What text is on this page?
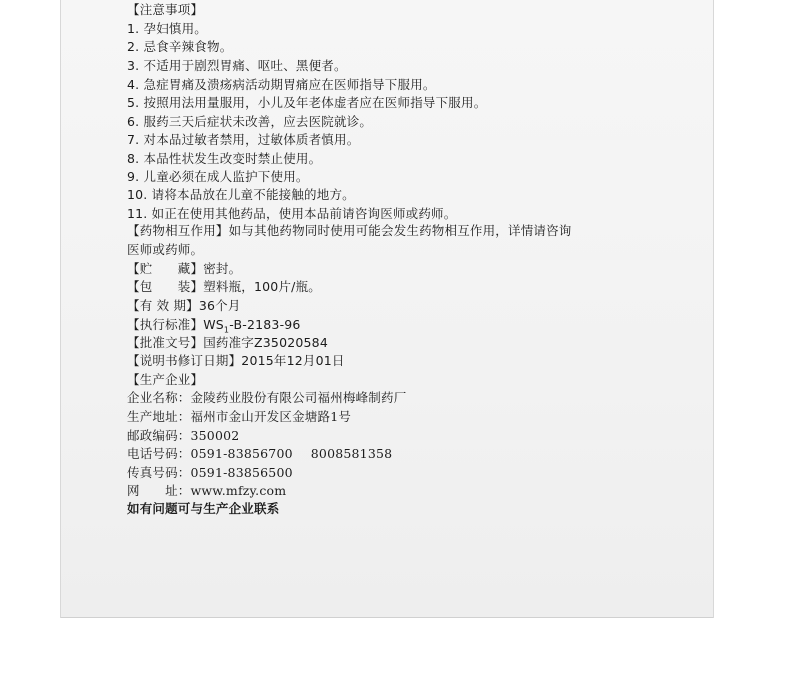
【注意事项】
1. 孕妇慎用。
2. 忌食辛辣食物。
3. 不适用于剧烈胃痛、呕吐、黑便者。
4. 急症胃痛及溃疡病活动期胃痛应在医师指导下服用。
5. 按照用法用量服用，小儿及年老体虚者应在医师指导下服用。
6. 服药三天后症状未改善，应去医院就诊。
7. 对本品过敏者禁用，过敏体质者慎用。
8. 本品性状发生改变时禁止使用。
9. 儿童必须在成人监护下使用。
10. 请将本品放在儿童不能接触的地方。
11. 如正在使用其他药品，使用本品前请咨询医师或药师。
【药物相互作用】如与其他药物同时使用可能会发生药物相互作用，详情请咨询
医师或药师。
【贮　　藏】密封。
【包　　装】塑料瓶，100片/瓶。
【有 效 期】36个月
【执行标准】$WS_1-B-2183-96$
【批准文号】国药准字Z35020584
【说明书修订日期】2015年12月01日
【生产企业】
企业名称：金陵药业股份有限公司福州梅峰制药厂
生产地址：福州市金山开发区金塘路1号
邮政编码：350002
电话号码：0591-83856700 8008581358
传真号码：0591-83856500
网　　址：www.mfzy.com
如有问题可与生产企业联系
